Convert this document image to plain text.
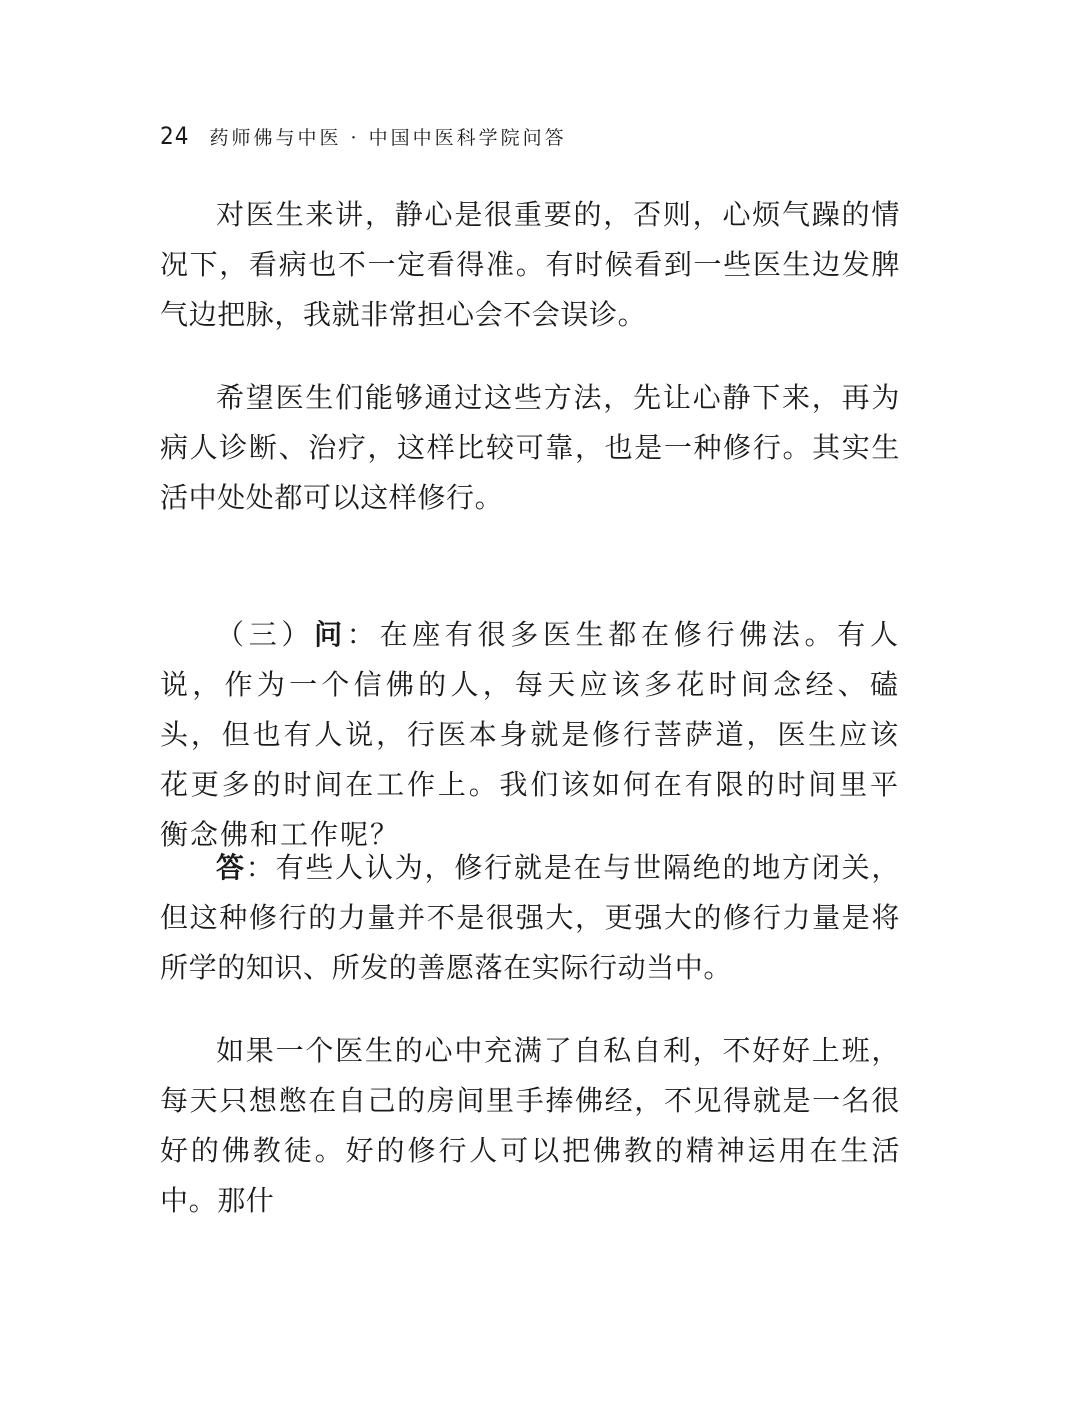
24 药师佛与中医 · 中国中医科学院问答

对医生来讲，静心是很重要的，否则，心烦气躁的情况下，看病也不一定看得准。有时候看到一些医生边发脾气边把脉，我就非常担心会不会误诊。

希望医生们能够通过这些方法，先让心静下来，再为病人诊断、治疗，这样比较可靠，也是一种修行。其实生活中处处都可以这样修行。

（三）问：在座有很多医生都在修行佛法。有人说，作为一个信佛的人，每天应该多花时间念经、磕头，但也有人说，行医本身就是修行菩萨道，医生应该花更多的时间在工作上。我们该如何在有限的时间里平衡念佛和工作呢？

答：有些人认为，修行就是在与世隔绝的地方闭关，但这种修行的力量并不是很强大，更强大的修行力量是将所学的知识、所发的善愿落在实际行动当中。

如果一个医生的心中充满了自私自利，不好好上班，每天只想憋在自己的房间里手捧佛经，不见得就是一名很好的佛教徒。好的修行人可以把佛教的精神运用在生活中。那什
